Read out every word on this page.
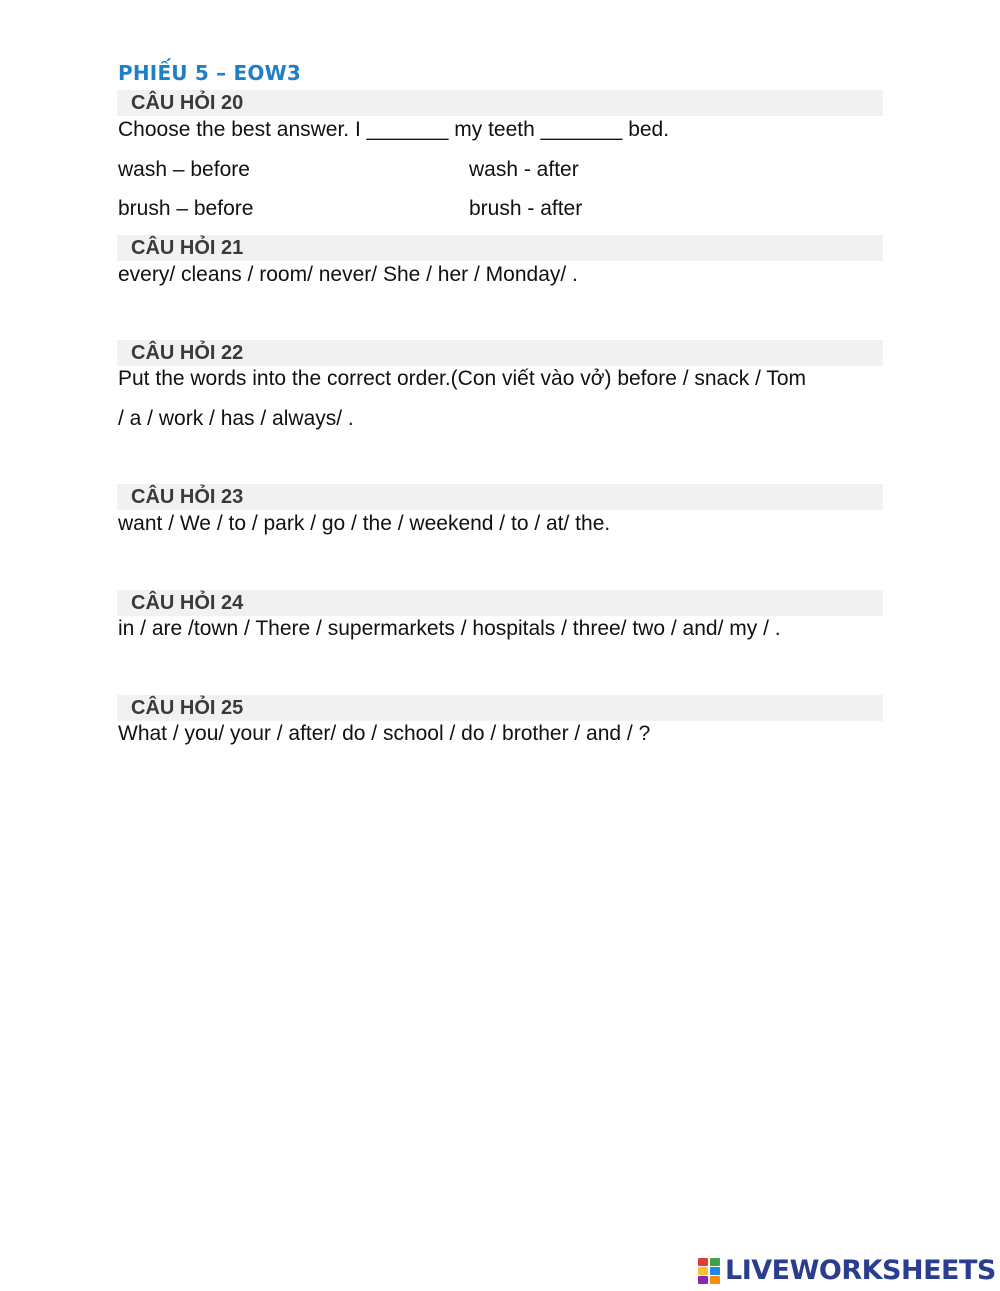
PHIẾU 5 – EOW3
CÂU HỎI 20
Choose the best answer. I _______ my teeth _______ bed.
wash – before	wash - after
brush – before	brush - after
CÂU HỎI 21
every/ cleans / room/ never/ She / her / Monday/ .
CÂU HỎI 22
Put the words into the correct order.(Con viết vào vở) before / snack / Tom
/ a / work / has / always/ .
CÂU HỎI 23
want / We / to / park / go / the / weekend / to / at/ the.
CÂU HỎI 24
in / are /town / There / supermarkets / hospitals / three/ two / and/ my / .
CÂU HỎI 25
What / you/ your / after/ do / school / do / brother / and / ?
LIVEWORKSHEETS
